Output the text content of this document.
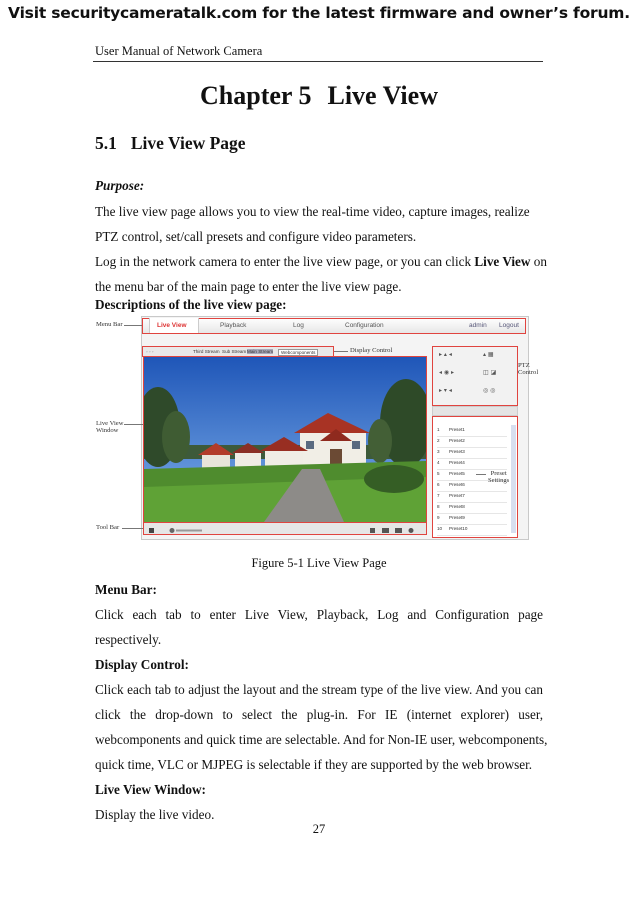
Visit securitycameratalk.com for the latest firmware and owner’s forum.
User Manual of Network Camera
Chapter 5 Live View
5.1 Live View Page
Purpose:
The live view page allows you to view the real-time video, capture images, realize
PTZ control, set/call presets and configure video parameters.
Log in the network camera to enter the live view page, or you can click Live View on
the menu bar of the main page to enter the live view page.
Descriptions of the live view page:
Live View	Playback	Log	Configuration	admin Logout
▫ ▫ ▫	Third Stream Sub Stream Main Stream	Webcomponents	▸ ▴ ◂
◂ ◉ ▸
▸ ▾ ◂
▴ ▦
◫ ◪
◎ ◎
1 Preset1
2 Preset2
3 Preset3
4 Preset4
5 Preset5
6 Preset6
7 Preset7
8 Preset8
9 Preset9
10 Preset10
Menu Bar
Display Control
PTZ
Control
Live View
Window
Preset
Settings
Tool Bar
Figure 5-1 Live View Page
Menu Bar:
Click each tab to enter Live View, Playback, Log and Configuration page
respectively.
Display Control:
Click each tab to adjust the layout and the stream type of the live view. And you can
click the drop-down to select the plug-in. For IE (internet explorer) user,
webcomponents and quick time are selectable. And for Non-IE user, webcomponents,
quick time, VLC or MJPEG is selectable if they are supported by the web browser.
Live View Window:
Display the live video.
27
